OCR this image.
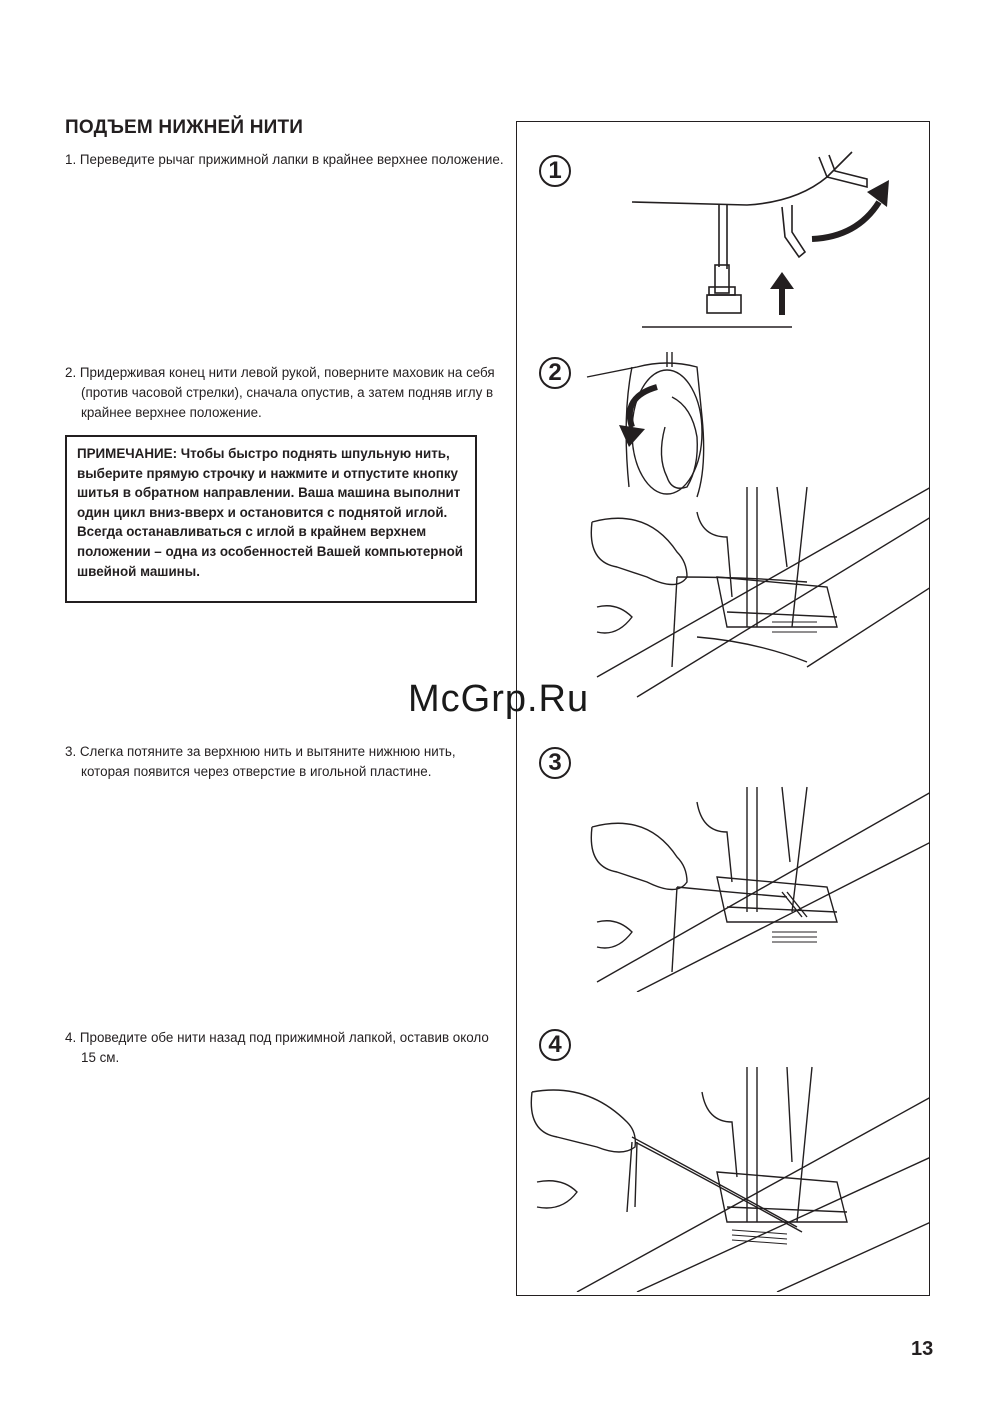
ПОДЪЕМ НИЖНЕЙ НИТИ
1. Переведите рычаг прижимной лапки в крайнее верхнее положение.
2. Придерживая конец нити левой рукой, поверните маховик на себя (против часовой стрелки), сначала опустив, а затем подняв иглу в крайнее верхнее положение.
ПРИМЕЧАНИЕ: Чтобы быстро поднять шпульную нить, выберите прямую строчку и нажмите и отпустите кнопку шитья в обратном направлении. Ваша машина выполнит один цикл вниз-вверх и остановится с поднятой иглой. Всегда останавливаться с иглой в крайнем верхнем положении – одна из особенностей Вашей компьютерной швейной машины.
3. Слегка потяните за верхнюю нить и вытяните нижнюю нить, которая появится через отверстие в игольной пластине.
4. Проведите обе нити назад под прижимной лапкой, оставив около 15 см.
1
2
3
4
McGrp.Ru
13
